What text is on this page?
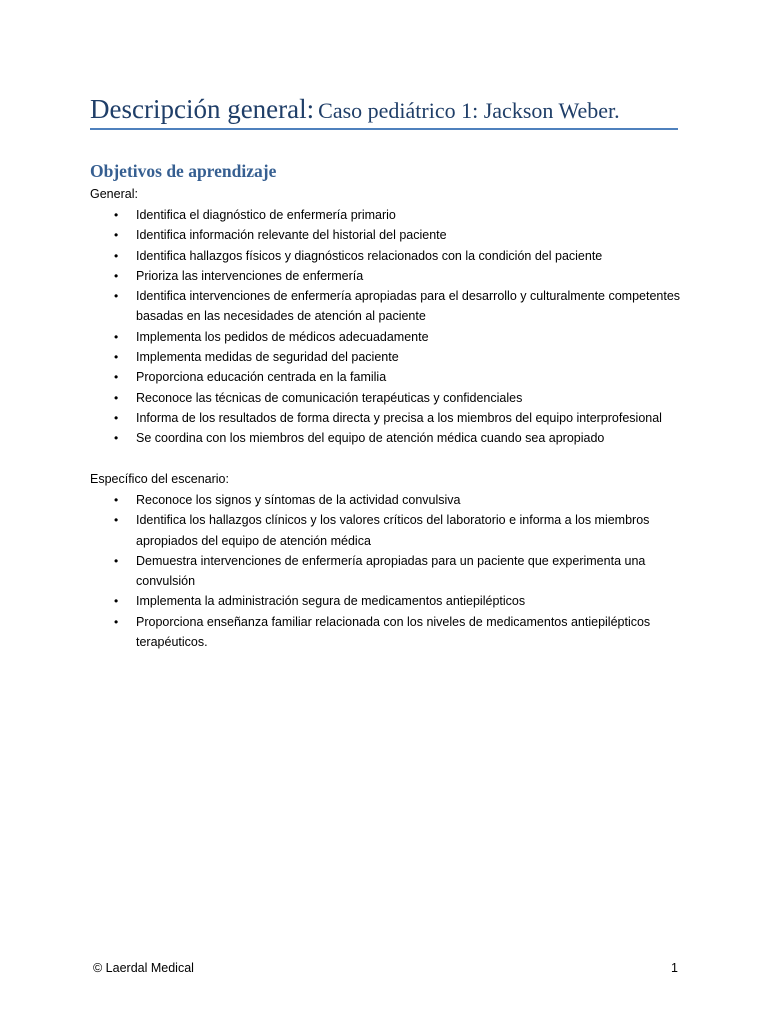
Descripción general: Caso pediátrico 1: Jackson Weber.
Objetivos de aprendizaje

General:

• Identifica el diagnóstico de enfermería primario
• Identifica información relevante del historial del paciente
• Identifica hallazgos físicos y diagnósticos relacionados con la condición del paciente
• Prioriza las intervenciones de enfermería
• Identifica intervenciones de enfermería apropiadas para el desarrollo y culturalmente competentes basadas en las necesidades de atención al paciente
• Implementa los pedidos de médicos adecuadamente
• Implementa medidas de seguridad del paciente
• Proporciona educación centrada en la familia
• Reconoce las técnicas de comunicación terapéuticas y confidenciales
• Informa de los resultados de forma directa y precisa a los miembros del equipo interprofesional
• Se coordina con los miembros del equipo de atención médica cuando sea apropiado

Específico del escenario:

• Reconoce los signos y síntomas de la actividad convulsiva
• Identifica los hallazgos clínicos y los valores críticos del laboratorio e informa a los miembros apropiados del equipo de atención médica
• Demuestra intervenciones de enfermería apropiadas para un paciente que experimenta una convulsión
• Implementa la administración segura de medicamentos antiepilépticos
• Proporciona enseñanza familiar relacionada con los niveles de medicamentos antiepilépticos terapéuticos.
© Laerdal Medical	1
